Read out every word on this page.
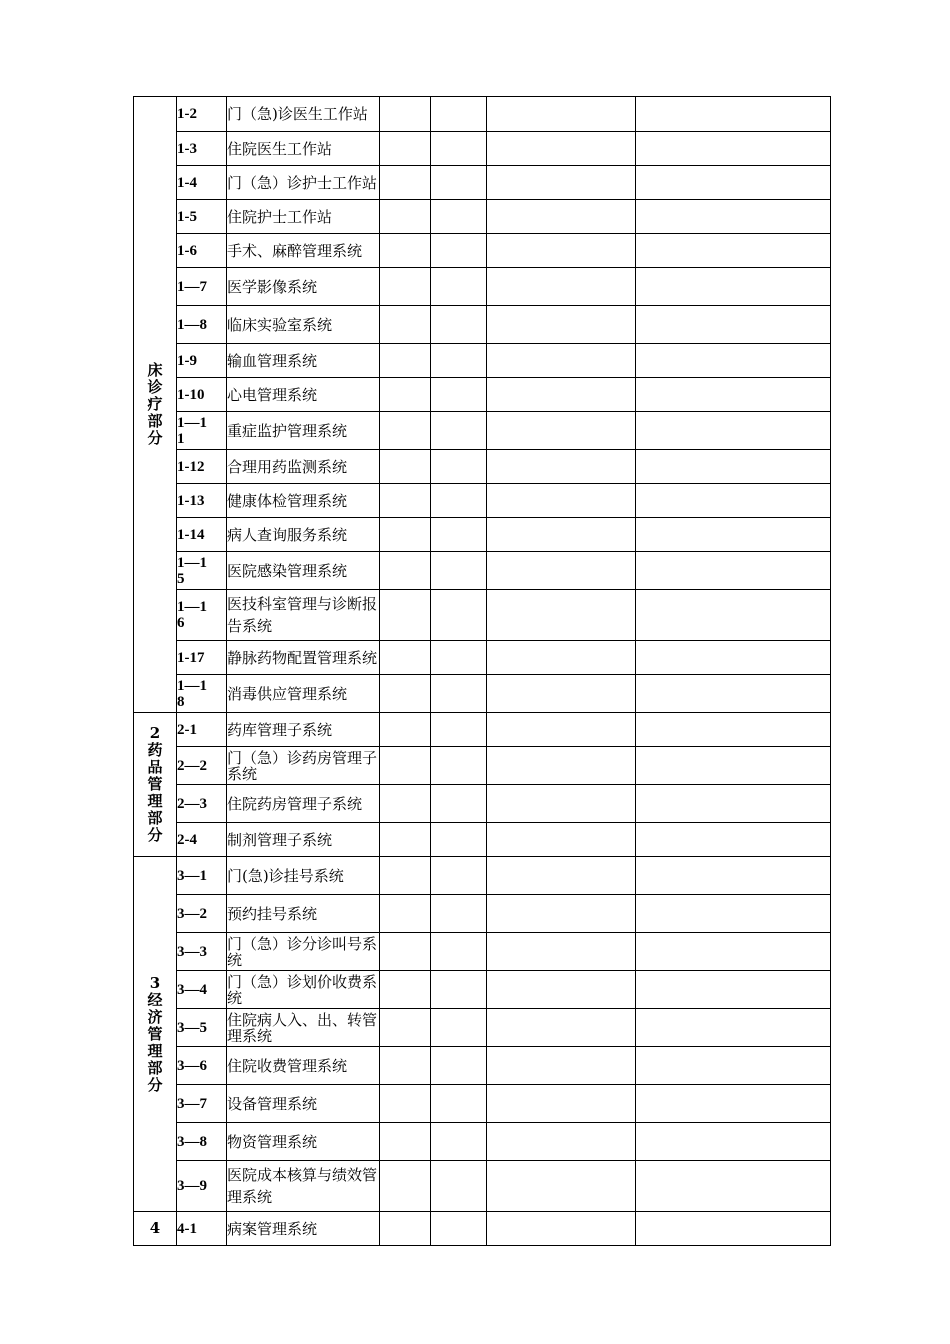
床诊疗部分	1-2	门（急)诊医生工作站				
	1-3	住院医生工作站				
	1-4	门（急）诊护士工作站				
	1-5	住院护士工作站				
	1-6	手术、麻醉管理系统				
	1—7	医学影像系统				
	1—8	临床实验室系统				
	1-9	输血管理系统				
	1-10	心电管理系统				
	1—11	重症监护管理系统				
	1-12	合理用药监测系统				
	1-13	健康体检管理系统				
	1-14	病人查询服务系统				
	1—15	医院感染管理系统				
	1—16	医技科室管理与诊断报告系统				
	1-17	静脉药物配置管理系统				
	1—18	消毒供应管理系统				
2药品管理部分	2-1	药库管理子系统				
	2—2	门（急）诊药房管理子系统				
	2—3	住院药房管理子系统				
	2-4	制剂管理子系统				
3经济管理部分	3—1	门(急)诊挂号系统				
	3—2	预约挂号系统				
	3—3	门（急）诊分诊叫号系统				
	3—4	门（急）诊划价收费系统				
	3—5	住院病人入、出、转管理系统				
	3—6	住院收费管理系统				
	3—7	设备管理系统				
	3—8	物资管理系统				
	3—9	医院成本核算与绩效管理系统				
4	4-1	病案管理系统				
